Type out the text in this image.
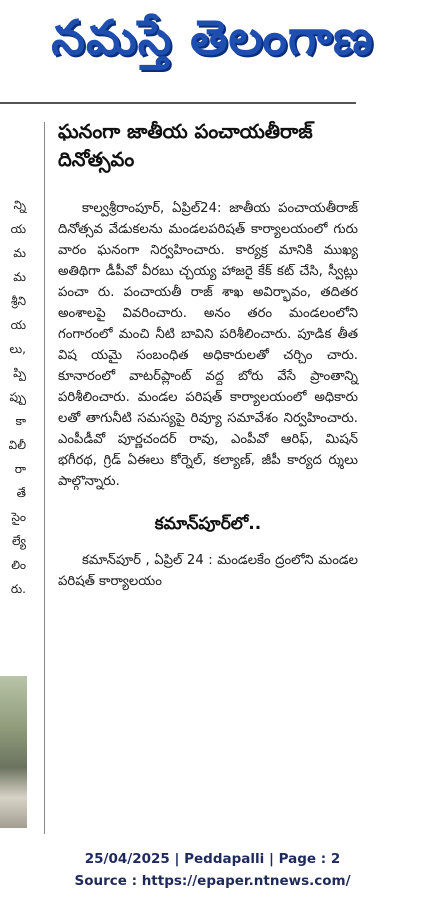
నమస్తే తెలంగాణ
న్ని
య
మ
మ
శ్రీని
య
లు,
ప్పి
ప్పు
కా
విలీ
రా
తే
సైం
ల్యే
లిం
రు.
ఘనంగా జాతీయ పంచాయతీరాజ్ దినోత్సవం
కాల్వశ్రీరాంపూర్, ఏప్రిల్24: జాతీయ పంచాయతీరాజ్ దినోత్సవ వేడుకలను మండలపరిషత్ కార్యాలయంలో గురు వారం ఘనంగా నిర్వహించారు. కార్యక్ర మానికి ముఖ్య అతిథిగా డీపీవో వీరబు చ్చయ్య హాజరై కేక్ కట్ చేసి, స్వీట్లు పంచా రు. పంచాయతీ రాజ్ శాఖ అవిర్భావం, తదితర అంశాలపై వివరించారు. అనం తరం మండలంలోని గంగారంలో మంచి నీటి బావిని పరిశీలించారు. పూడిక తీత విష యమై సంబంధిత అధికారులతో చర్చిం చారు. కూనారంలో వాటర్‌ప్లాంట్ వద్ద బోరు వేసే ప్రాంతాన్ని పరిశీలించారు. మండల పరిషత్ కార్యాలయంలో అధికారు లతో తాగునీటి సమస్యపై రివ్యూ సమావేశం నిర్వహించారు. ఎంపీడీవో పూర్ణచందర్ రావు, ఎంపీవో ఆరిఫ్, మిషన్ భగీరథ, గ్రిడ్ ఏఈలు కోర్నెల్, కల్యాణ్, జీపీ కార్యద ర్శులు పాల్గొన్నారు.
కమాన్‌పూర్‌లో..
కమాన్‌పూర్ , ఏప్రిల్ 24 : మండలకేం ద్రంలోని మండల పరిషత్ కార్యాలయం
25/04/2025 | Peddapalli | Page : 2
Source : https://epaper.ntnews.com/
